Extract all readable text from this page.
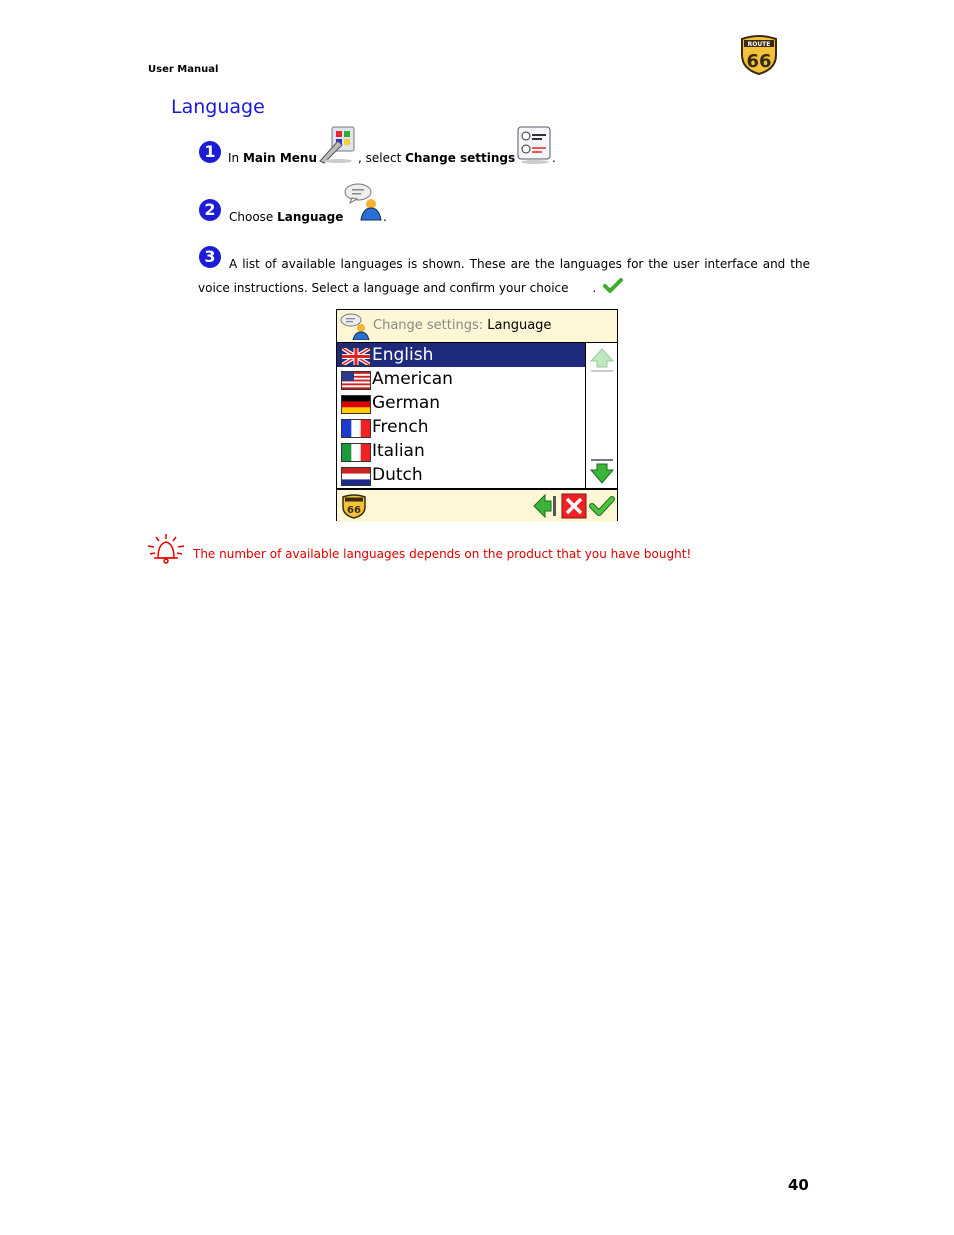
User Manual
ROUTE
66
Language
1	In Main Menu	, select Change settings	.
2	Choose Language	.
3	A list of available languages is shown. These are the languages for the user interface and the voice instructions. Select a language and confirm your choice .
Change settings: Language
English
American
German
French
Italian
Dutch
66
The number of available languages depends on the product that you have bought!
40
